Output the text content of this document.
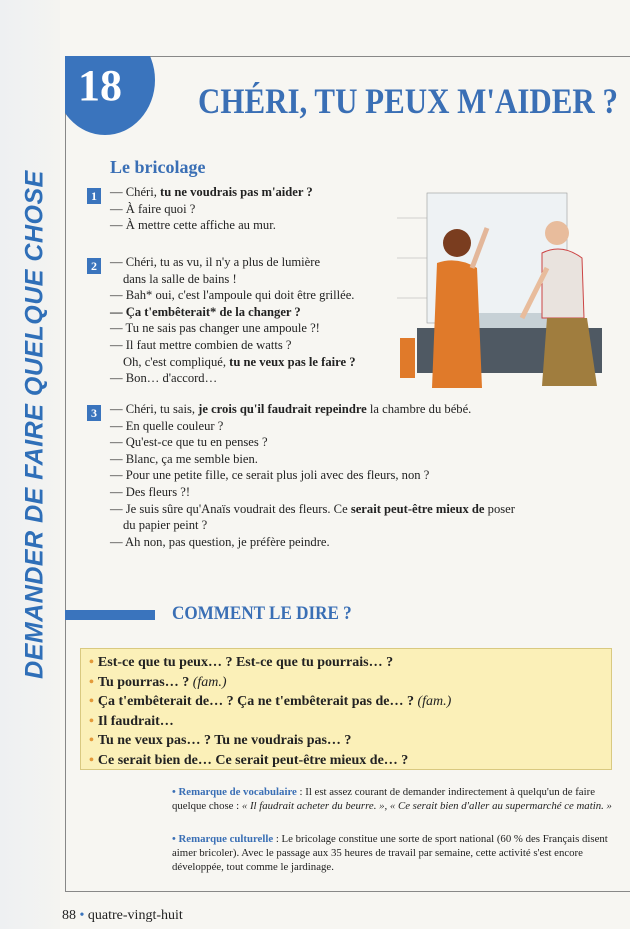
DEMANDER DE FAIRE QUELQUE CHOSE
18 CHÉRI, TU PEUX M'AIDER ?
Le bricolage
1	— Chéri, tu ne voudrais pas m'aider ?
— À faire quoi ?
— À mettre cette affiche au mur.
2	— Chéri, tu as vu, il n'y a plus de lumière
dans la salle de bains !
— Bah* oui, c'est l'ampoule qui doit être grillée.
— Ça t'embêterait* de la changer ?
— Tu ne sais pas changer une ampoule ?!
— Il faut mettre combien de watts ?
Oh, c'est compliqué, tu ne veux pas le faire ?
— Bon… d'accord…
3	— Chéri, tu sais, je crois qu'il faudrait repeindre la chambre du bébé.
— En quelle couleur ?
— Qu'est-ce que tu en penses ?
— Blanc, ça me semble bien.
— Pour une petite fille, ce serait plus joli avec des fleurs, non ?
— Des fleurs ?!
— Je suis sûre qu'Anaïs voudrait des fleurs. Ce serait peut-être mieux de poser
du papier peint ?
— Ah non, pas question, je préfère peindre.
COMMENT LE DIRE ?
• Est-ce que tu peux… ? Est-ce que tu pourrais… ?
• Tu pourras… ? (fam.)
• Ça t'embêterait de… ? Ça ne t'embêterait pas de… ? (fam.)
• Il faudrait…
• Tu ne veux pas… ? Tu ne voudrais pas… ?
• Ce serait bien de… Ce serait peut-être mieux de… ?
• Remarque de vocabulaire : Il est assez courant de demander indirectement à quelqu'un de faire quelque chose : « Il faudrait acheter du beurre. », « Ce serait bien d'aller au supermarché ce matin. »
• Remarque culturelle : Le bricolage constitue une sorte de sport national (60 % des Français disent aimer bricoler). Avec le passage aux 35 heures de travail par semaine, cette activité s'est encore développée, tout comme le jardinage.
88 • quatre-vingt-huit
